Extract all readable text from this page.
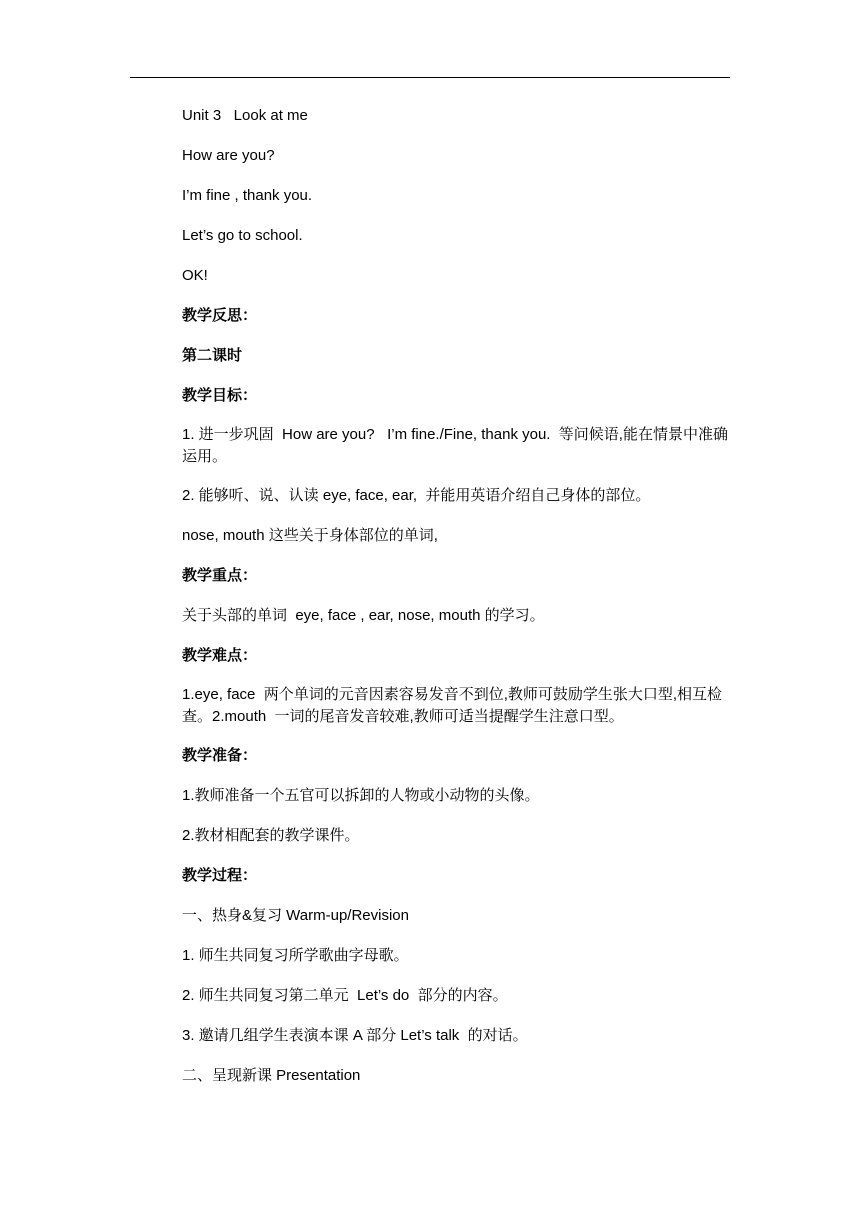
Unit 3   Look at me

How are you?

I’m fine , thank you.

Let’s go to school.

OK!

教学反思：

第二课时

教学目标：

1. 进一步巩固  How are you?   I’m fine./Fine, thank you.  等问候语,能在情景中准确运用。

2. 能够听、说、认读 eye, face, ear,  并能用英语介绍自己身体的部位。

nose, mouth 这些关于身体部位的单词,

教学重点：

关于头部的单词  eye, face , ear, nose, mouth 的学习。

教学难点：

1.eye, face  两个单词的元音因素容易发音不到位,教师可鼓励学生张大口型,相互检查。2.mouth  一词的尾音发音较难,教师可适当提醒学生注意口型。

教学准备：

1.教师准备一个五官可以拆卸的人物或小动物的头像。

2.教材相配套的教学课件。

教学过程：

一、热身&复习 Warm-up/Revision

1. 师生共同复习所学歌曲字母歌。

2. 师生共同复习第二单元  Let’s do  部分的内容。

3. 邀请几组学生表演本课 A 部分 Let’s talk  的对话。

二、呈现新课 Presentation
